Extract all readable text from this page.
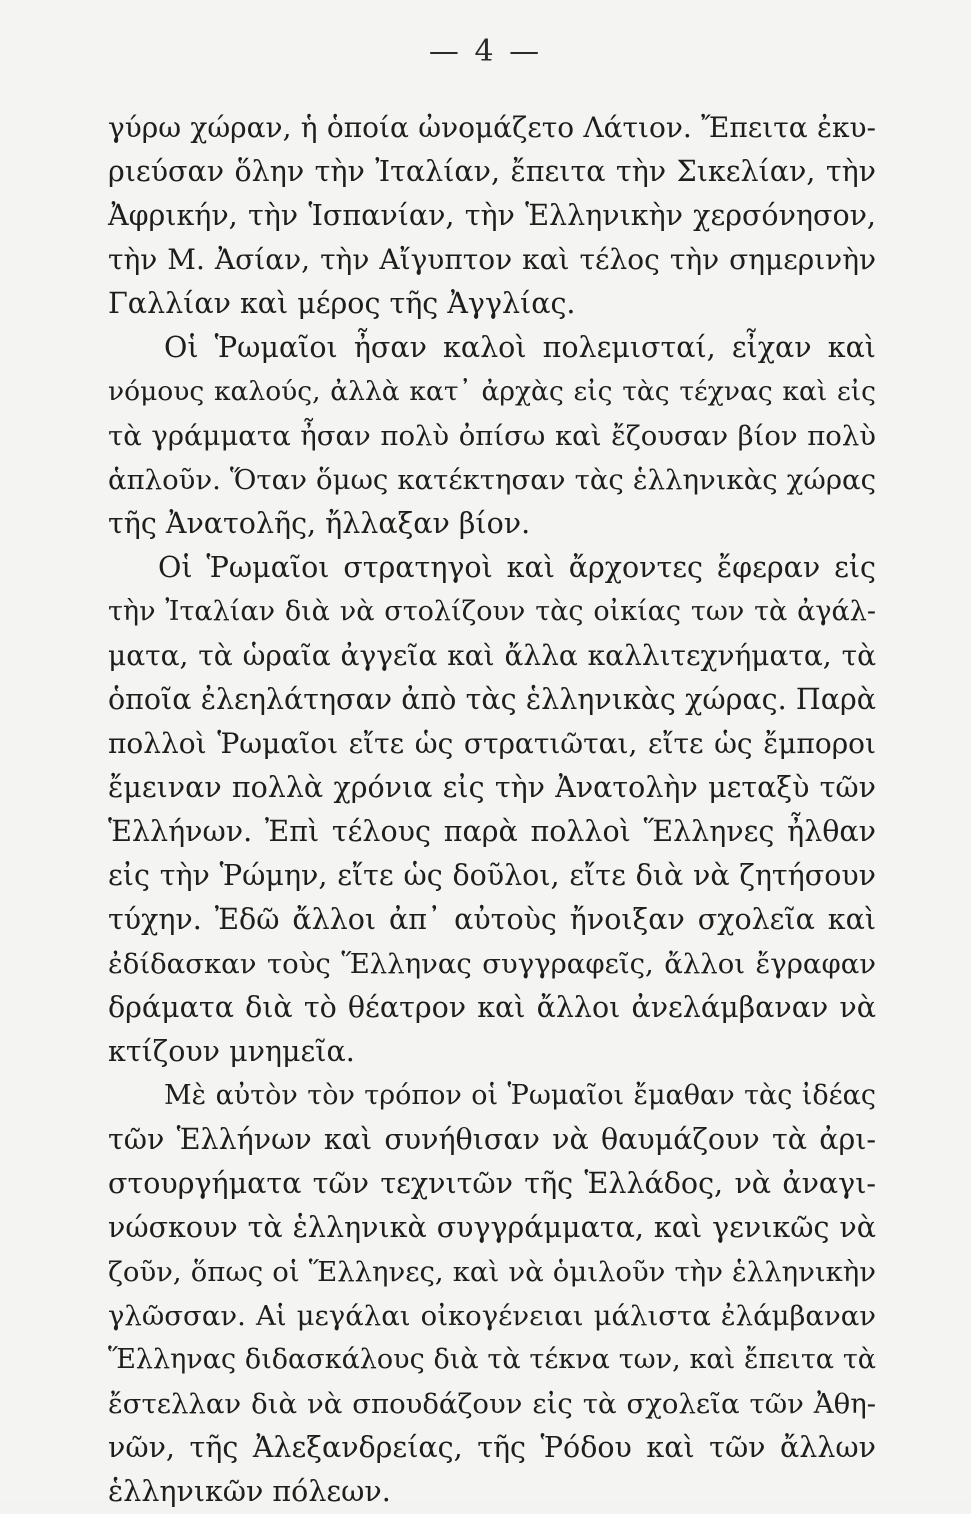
— 4 —
γύρω χώραν, ἡ ὁποία ὠνομάζετο Λάτιον. Ἔπειτα ἐκυ-
ριεύσαν ὅλην τὴν Ἰταλίαν, ἔπειτα τὴν Σικελίαν, τὴν
Ἀφρικήν, τὴν Ἱσπανίαν, τὴν Ἑλληνικὴν χερσόνησον,
τὴν Μ. Ἀσίαν, τὴν Αἴγυπτον καὶ τέλος τὴν σημερινὴν
Γαλλίαν καὶ μέρος τῆς Ἀγγλίας.
Οἱ Ῥωμαῖοι ἦσαν καλοὶ πολεμισταί, εἶχαν καὶ
νόμους καλούς, ἀλλὰ κατ᾽ ἀρχὰς εἰς τὰς τέχνας καὶ εἰς
τὰ γράμματα ἦσαν πολὺ ὀπίσω καὶ ἔζουσαν βίον πολὺ
ἁπλοῦν. Ὅταν ὅμως κατέκτησαν τὰς ἑλληνικὰς χώρας
τῆς Ἀνατολῆς, ἤλλαξαν βίον.
Οἱ Ῥωμαῖοι στρατηγοὶ καὶ ἄρχοντες ἔφεραν εἰς
τὴν Ἰταλίαν διὰ νὰ στολίζουν τὰς οἰκίας των τὰ ἀγάλ-
ματα, τὰ ὡραῖα ἀγγεῖα καὶ ἄλλα καλλιτεχνήματα, τὰ
ὁποῖα ἐλεηλάτησαν ἀπὸ τὰς ἑλληνικὰς χώρας. Παρὰ
πολλοὶ Ῥωμαῖοι εἴτε ὡς στρατιῶται, εἴτε ὡς ἔμποροι
ἔμειναν πολλὰ χρόνια εἰς τὴν Ἀνατολὴν μεταξὺ τῶν
Ἑλλήνων. Ἐπὶ τέλους παρὰ πολλοὶ Ἕλληνες ἦλθαν
εἰς τὴν Ῥώμην, εἴτε ὡς δοῦλοι, εἴτε διὰ νὰ ζητήσουν
τύχην. Ἐδῶ ἄλλοι ἀπ᾽ αὐτοὺς ἤνοιξαν σχολεῖα καὶ
ἐδίδασκαν τοὺς Ἕλληνας συγγραφεῖς, ἄλλοι ἔγραφαν
δράματα διὰ τὸ θέατρον καὶ ἄλλοι ἀνελάμβαναν νὰ
κτίζουν μνημεῖα.
Μὲ αὐτὸν τὸν τρόπον οἱ Ῥωμαῖοι ἔμαθαν τὰς ἰδέας
τῶν Ἑλλήνων καὶ συνήθισαν νὰ θαυμάζουν τὰ ἀρι-
στουργήματα τῶν τεχνιτῶν τῆς Ἑλλάδος, νὰ ἀναγι-
νώσκουν τὰ ἑλληνικὰ συγγράμματα, καὶ γενικῶς νὰ
ζοῦν, ὅπως οἱ Ἕλληνες, καὶ νὰ ὁμιλοῦν τὴν ἑλληνικὴν
γλῶσσαν. Αἱ μεγάλαι οἰκογένειαι μάλιστα ἐλάμβαναν
Ἕλληνας διδασκάλους διὰ τὰ τέκνα των, καὶ ἔπειτα τὰ
ἔστελλαν διὰ νὰ σπουδάζουν εἰς τὰ σχολεῖα τῶν Ἀθη-
νῶν, τῆς Ἀλεξανδρείας, τῆς Ῥόδου καὶ τῶν ἄλλων
ἑλληνικῶν πόλεων.
